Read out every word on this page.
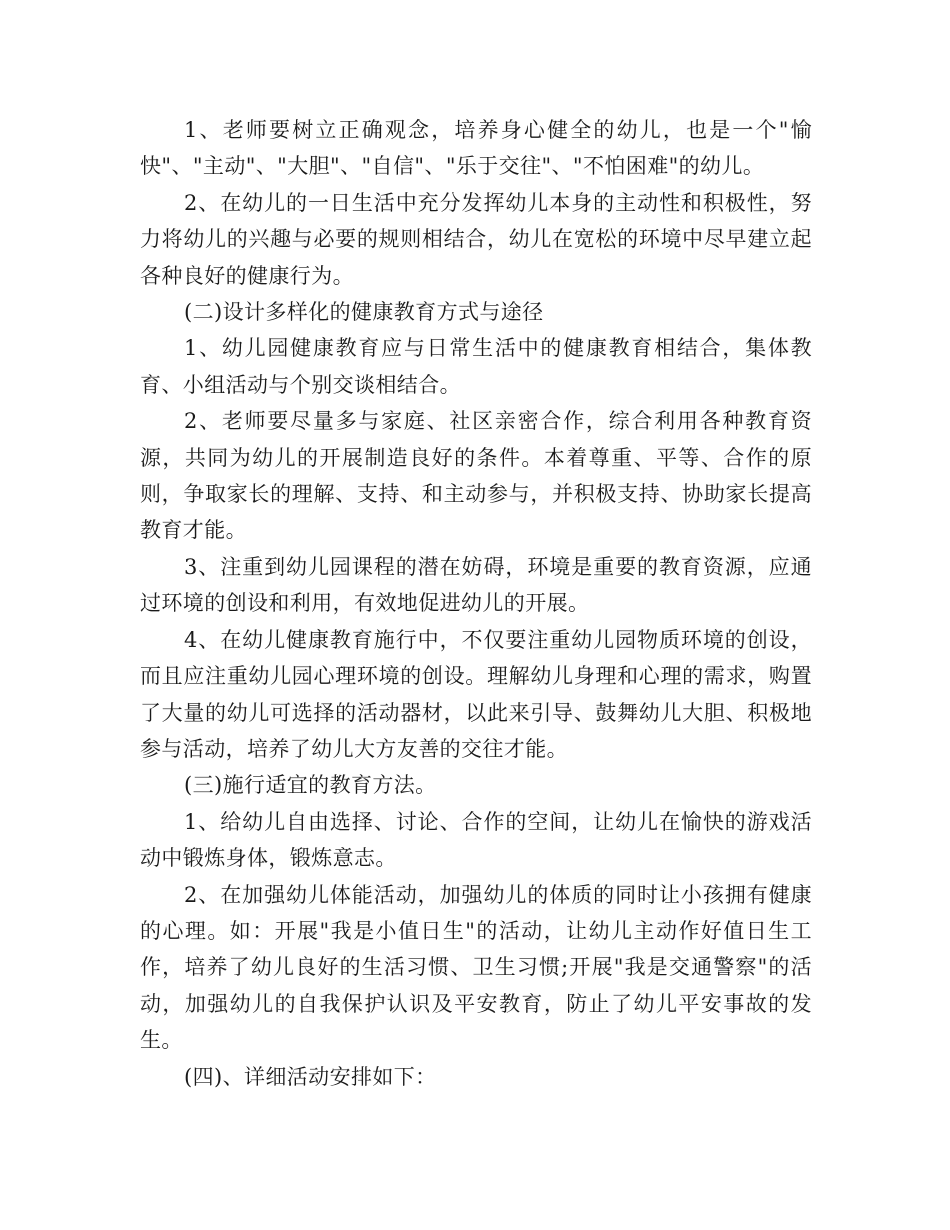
1、老师要树立正确观念，培养身心健全的幼儿，也是一个"愉快"、"主动"、"大胆"、"自信"、"乐于交往"、"不怕困难"的幼儿。

2、在幼儿的一日生活中充分发挥幼儿本身的主动性和积极性，努力将幼儿的兴趣与必要的规则相结合，幼儿在宽松的环境中尽早建立起各种良好的健康行为。

(二)设计多样化的健康教育方式与途径

1、幼儿园健康教育应与日常生活中的健康教育相结合，集体教育、小组活动与个别交谈相结合。

2、老师要尽量多与家庭、社区亲密合作，综合利用各种教育资源，共同为幼儿的开展制造良好的条件。本着尊重、平等、合作的原则，争取家长的理解、支持、和主动参与，并积极支持、协助家长提高教育才能。

3、注重到幼儿园课程的潜在妨碍，环境是重要的教育资源，应通过环境的创设和利用，有效地促进幼儿的开展。

4、在幼儿健康教育施行中，不仅要注重幼儿园物质环境的创设，而且应注重幼儿园心理环境的创设。理解幼儿身理和心理的需求，购置了大量的幼儿可选择的活动器材，以此来引导、鼓舞幼儿大胆、积极地参与活动，培养了幼儿大方友善的交往才能。

(三)施行适宜的教育方法。

1、给幼儿自由选择、讨论、合作的空间，让幼儿在愉快的游戏活动中锻炼身体，锻炼意志。

2、在加强幼儿体能活动，加强幼儿的体质的同时让小孩拥有健康的心理。如：开展"我是小值日生"的活动，让幼儿主动作好值日生工作，培养了幼儿良好的生活习惯、卫生习惯;开展"我是交通警察"的活动，加强幼儿的自我保护认识及平安教育，防止了幼儿平安事故的发生。

(四)、详细活动安排如下：
